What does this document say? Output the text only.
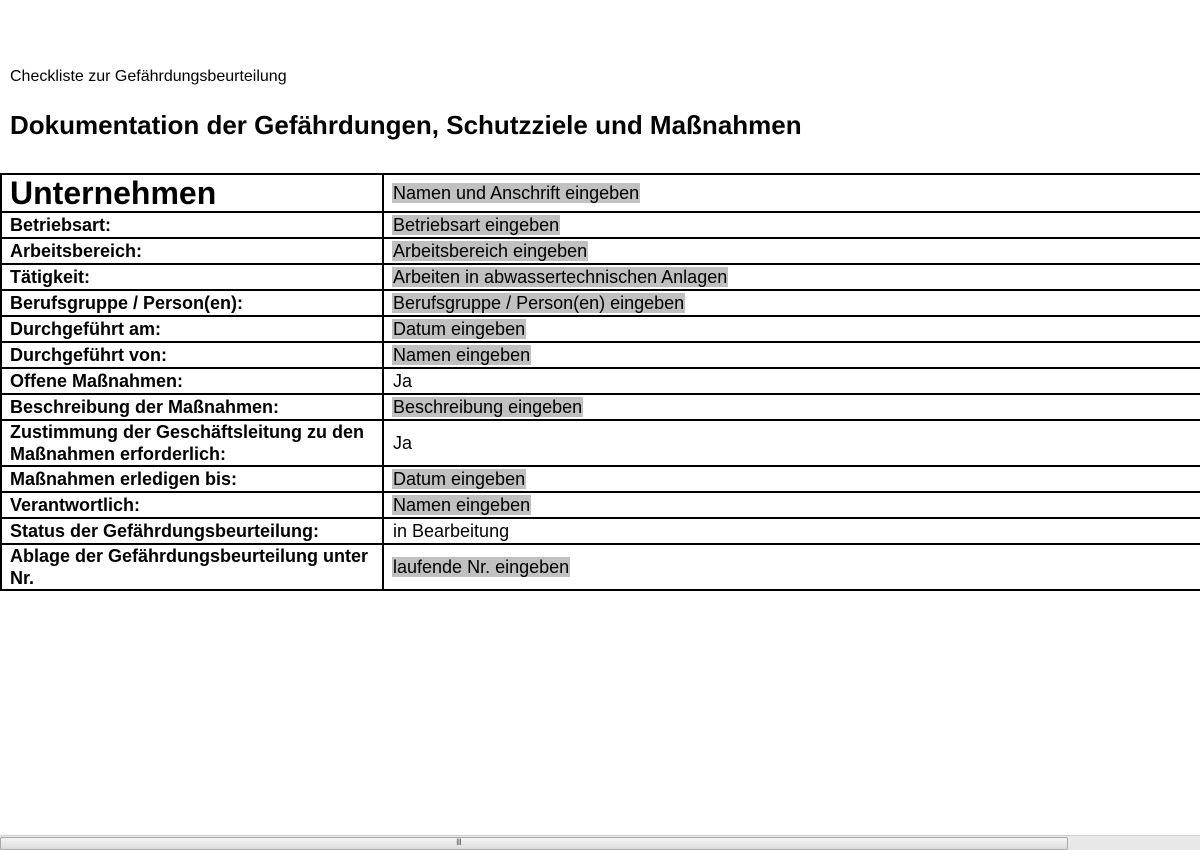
Checkliste zur Gefährdungsbeurteilung
Dokumentation der Gefährdungen, Schutzziele und Maßnahmen
Unternehmen	Namen und Anschrift eingeben
Betriebsart:	Betriebsart eingeben
Arbeitsbereich:	Arbeitsbereich eingeben
Tätigkeit:	Arbeiten in abwassertechnischen Anlagen
Berufsgruppe / Person(en):	Berufsgruppe / Person(en) eingeben
Durchgeführt am:	Datum eingeben
Durchgeführt von:	Namen eingeben
Offene Maßnahmen:	Ja
Beschreibung der Maßnahmen:	Beschreibung eingeben
Zustimmung der Geschäftsleitung zu den Maßnahmen erforderlich:	Ja
Maßnahmen erledigen bis:	Datum eingeben
Verantwortlich:	Namen eingeben
Status der Gefährdungsbeurteilung:	in Bearbeitung
Ablage der Gefährdungsbeurteilung unter Nr.	laufende Nr. eingeben
III
